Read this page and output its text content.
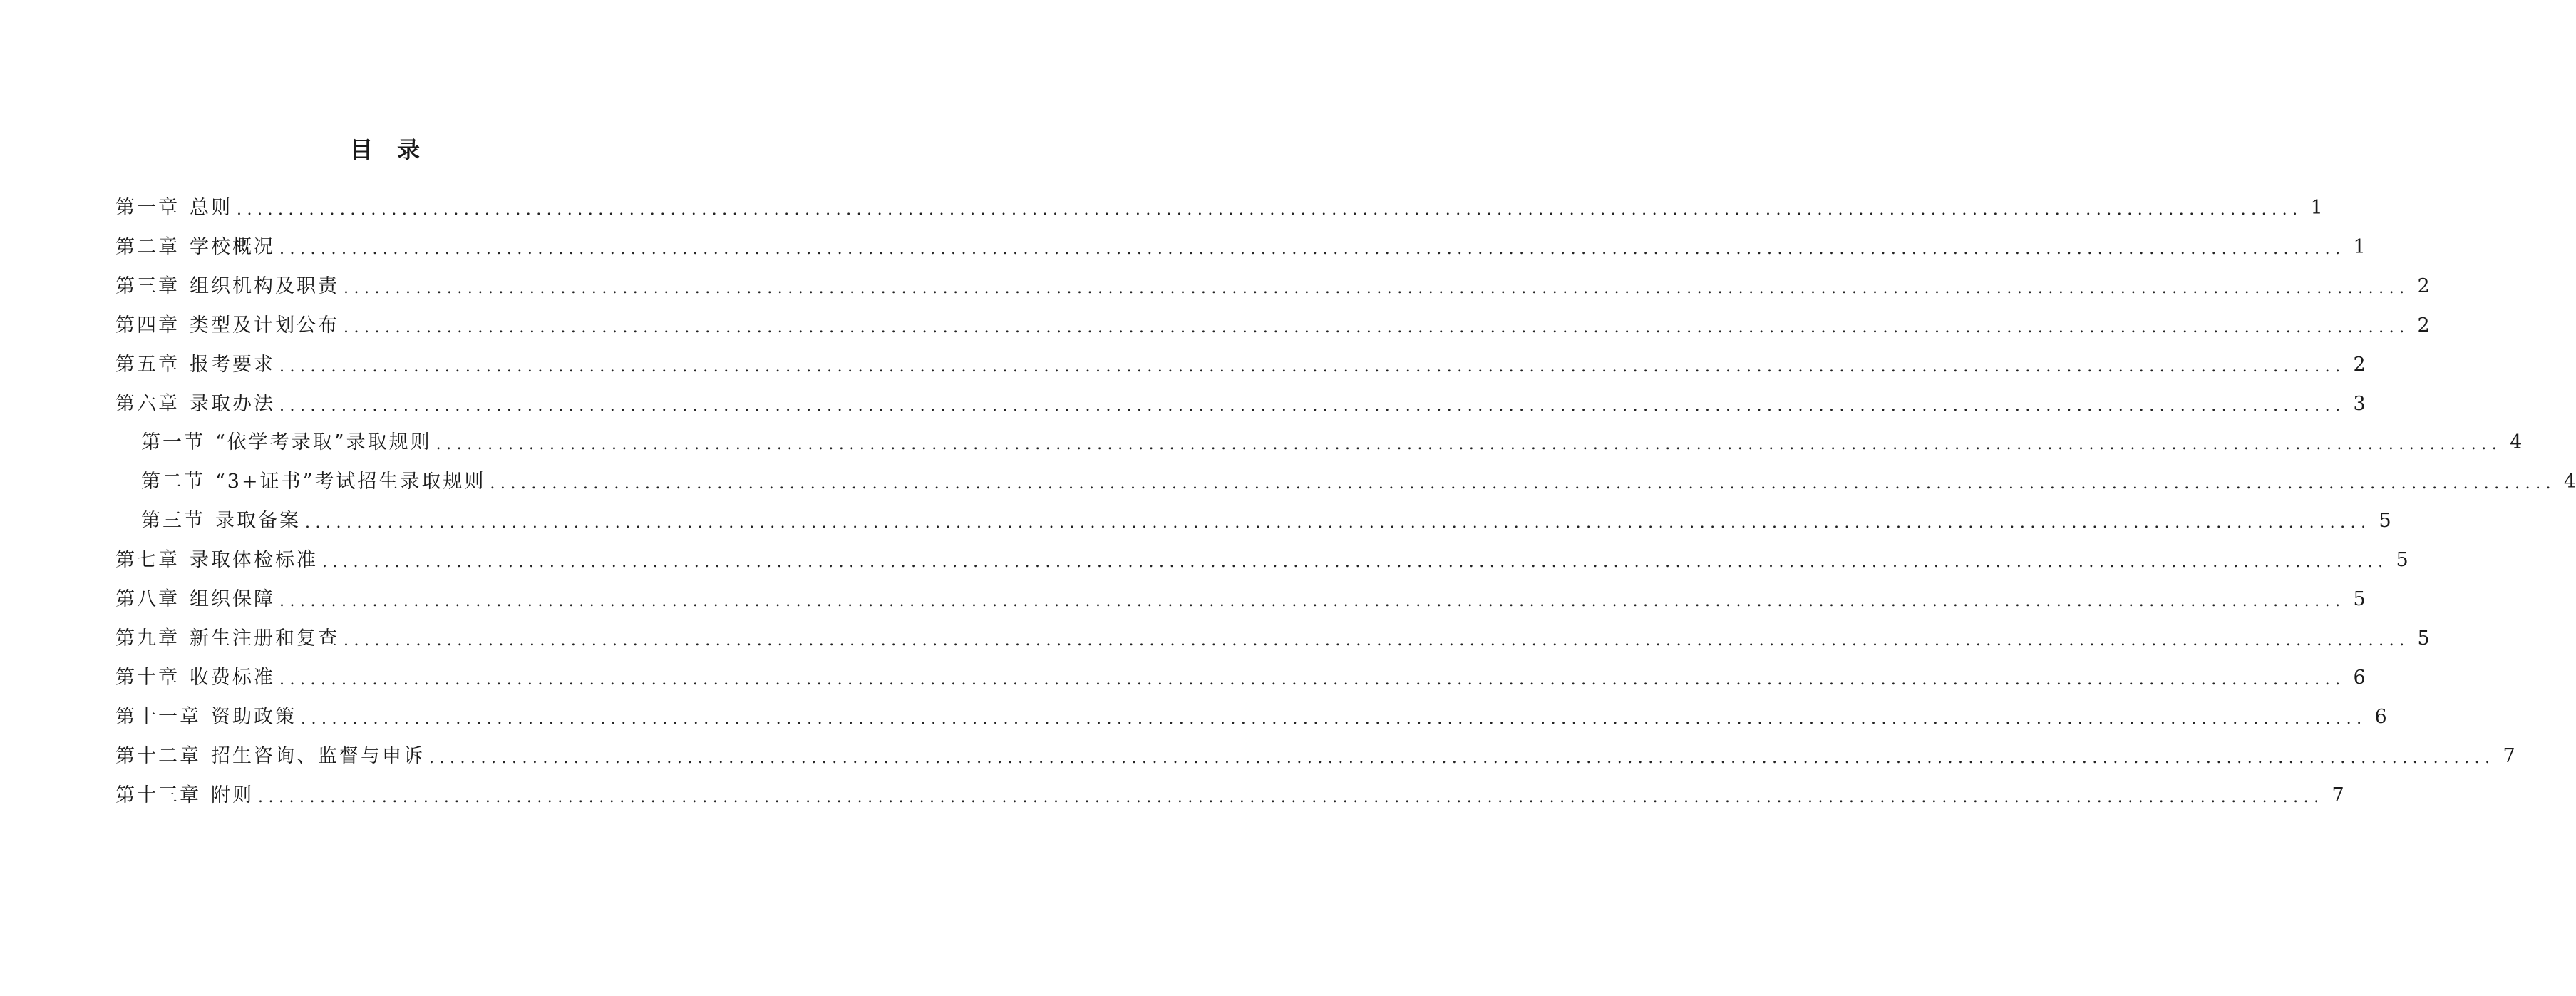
目 录
第一章 总则 ........................................................................................................................................................................................................ 1
第二章 学校概况 ........................................................................................................................................................................................................ 1
第三章 组织机构及职责 ........................................................................................................................................................................................................ 2
第四章 类型及计划公布 ........................................................................................................................................................................................................ 2
第五章 报考要求 ........................................................................................................................................................................................................ 2
第六章 录取办法 ........................................................................................................................................................................................................ 3
第一节 “依学考录取”录取规则 ........................................................................................................................................................................................................ 4
第二节 “3+证书”考试招生录取规则 ........................................................................................................................................................................................................ 4
第三节 录取备案 ........................................................................................................................................................................................................ 5
第七章 录取体检标准 ........................................................................................................................................................................................................ 5
第八章 组织保障 ........................................................................................................................................................................................................ 5
第九章 新生注册和复查 ........................................................................................................................................................................................................ 5
第十章 收费标准 ........................................................................................................................................................................................................ 6
第十一章 资助政策 ........................................................................................................................................................................................................ 6
第十二章 招生咨询、监督与申诉 ........................................................................................................................................................................................................ 7
第十三章 附则 ........................................................................................................................................................................................................ 7
